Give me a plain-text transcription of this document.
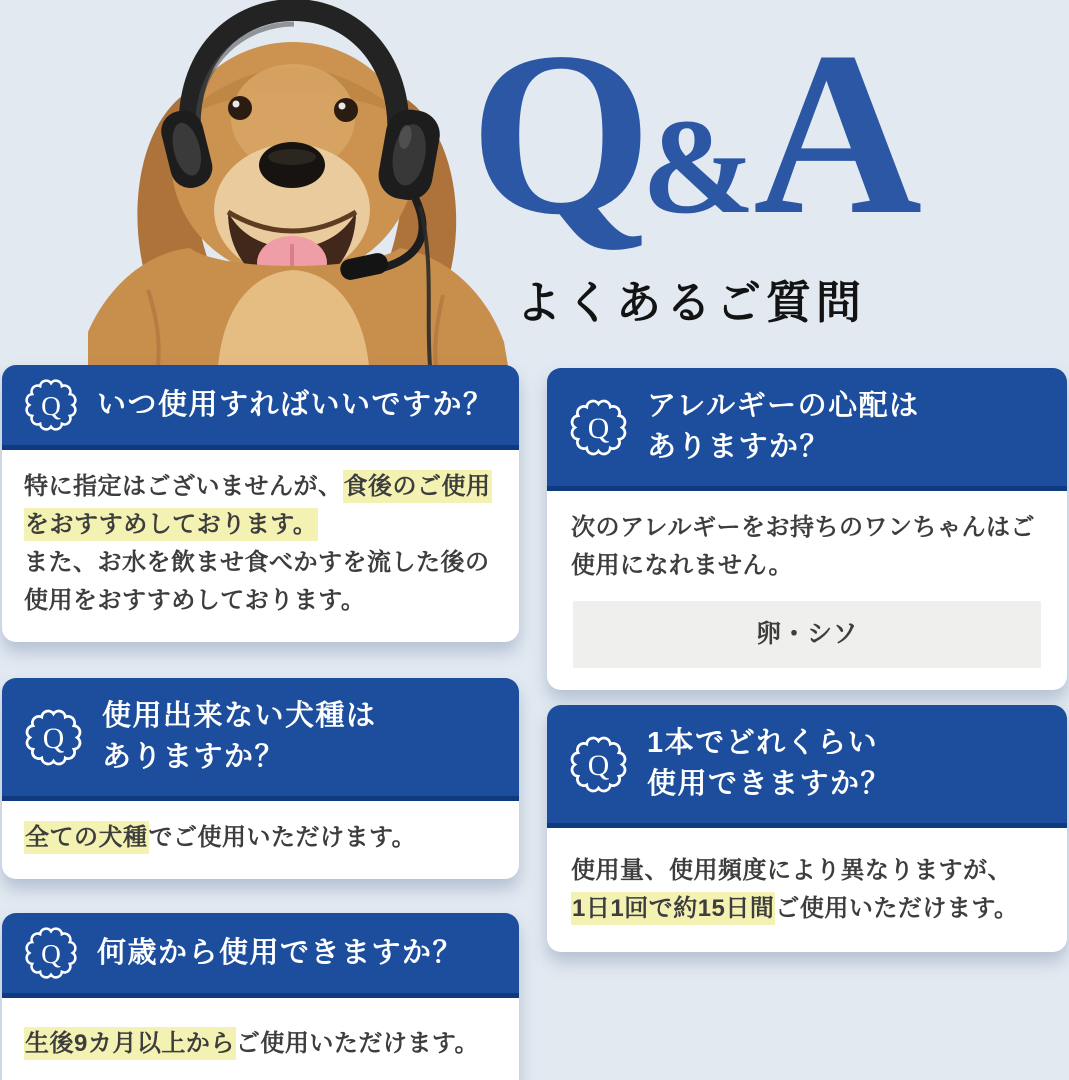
Q&A
よくあるご質問
Q いつ使用すればいいですか？

特に指定はございませんが、食後のご使用をおすすめしております。
また、お水を飲ませ食べかすを流した後の使用をおすすめしております。

Q
使用出来ない犬種は
ありますか？

全ての犬種でご使用いただけます。

Q 何歳から使用できますか？

生後9カ月以上からご使用いただけます。

Q
アレルギーの心配は
ありますか？

次のアレルギーをお持ちのワンちゃんはご使用になれません。

卵・シソ
Q
1本でどれくらい
使用できますか？

使用量、使用頻度により異なりますが、
1日1回で約15日間ご使用いただけます。
